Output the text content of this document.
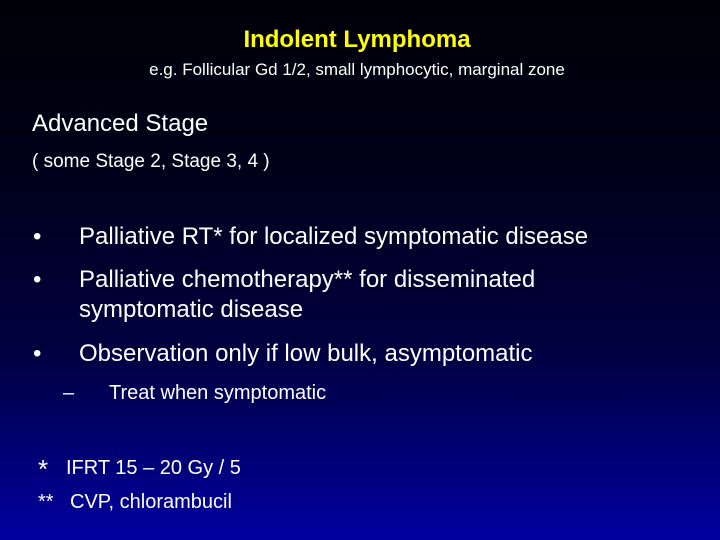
Indolent Lymphoma
e.g. Follicular Gd 1/2, small lymphocytic, marginal zone
Advanced Stage
( some Stage 2, Stage 3, 4 )
• Palliative RT* for localized symptomatic disease
• Palliative chemotherapy** for disseminated symptomatic disease
• Observation only if low bulk, asymptomatic
– Treat when symptomatic
* IFRT 15 – 20 Gy / 5
** CVP, chlorambucil
